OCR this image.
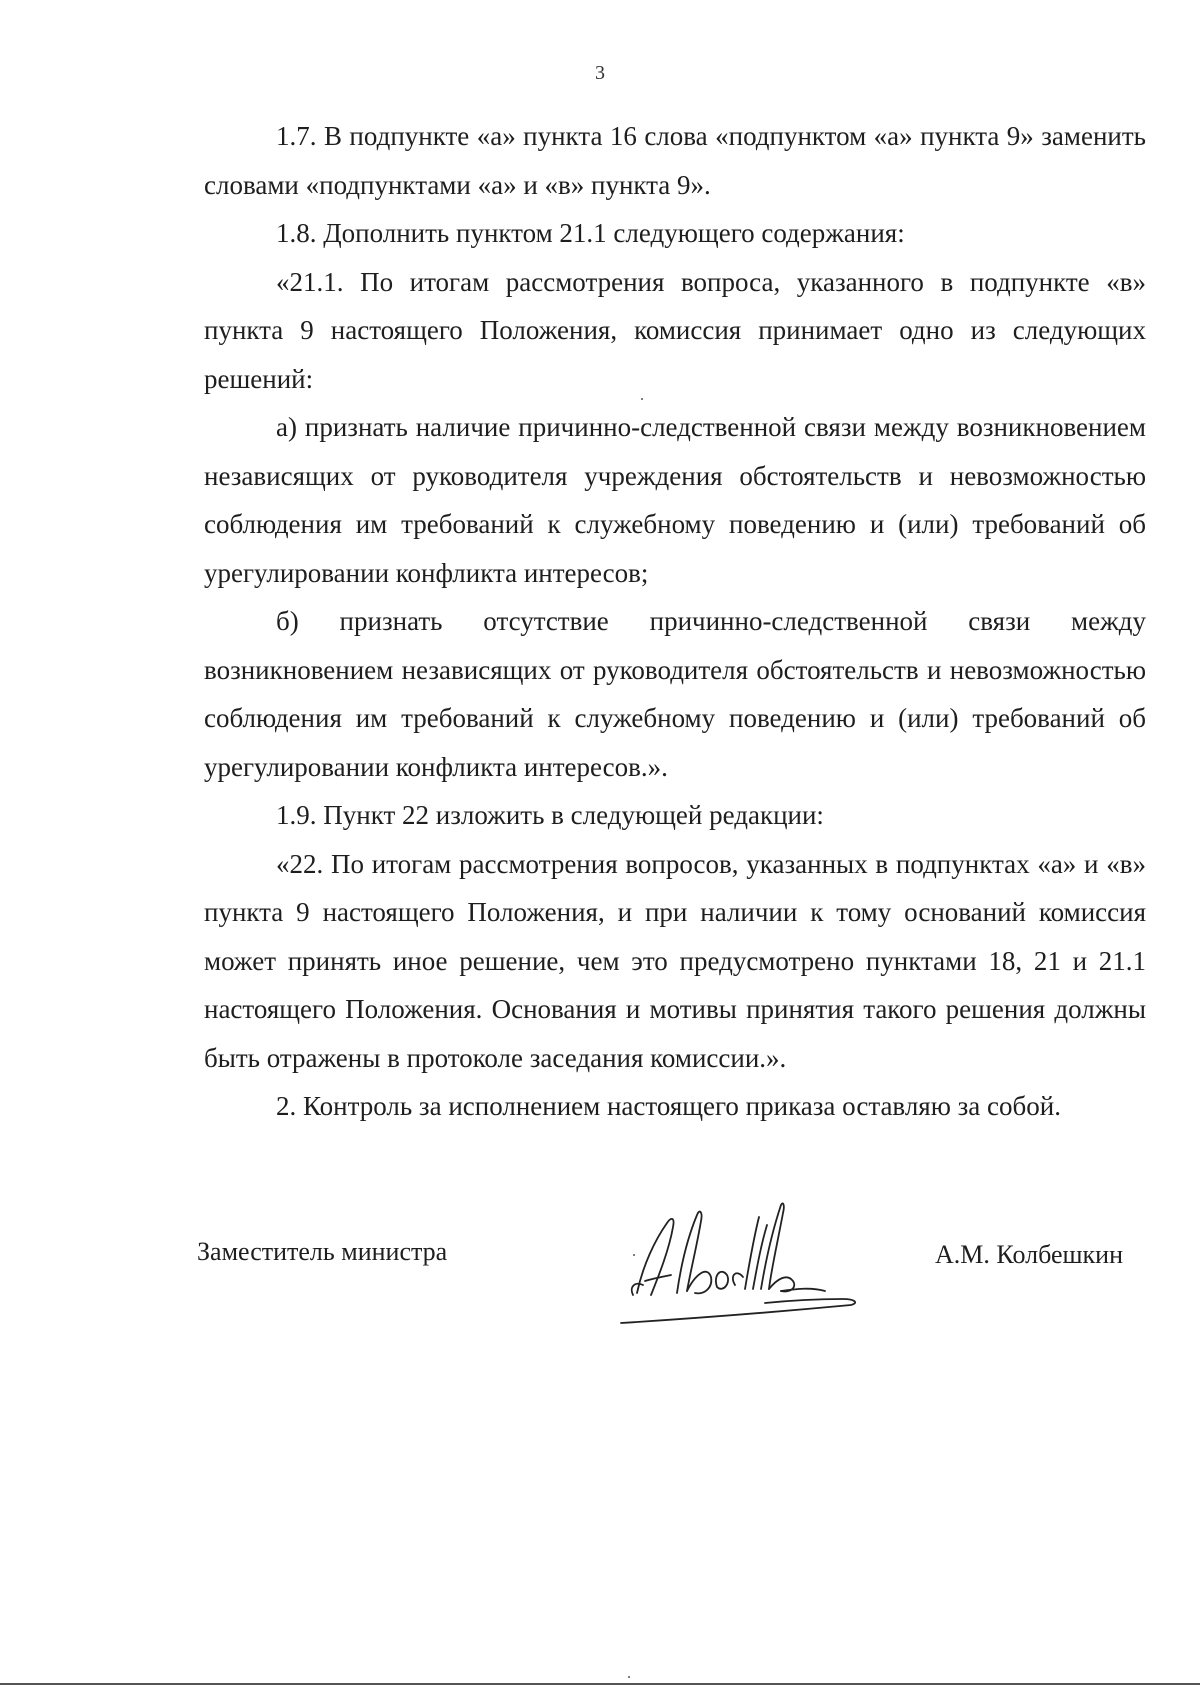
3

1.7. В подпункте «а» пункта 16 слова «подпунктом «а» пункта 9» заменить словами «подпунктами «а» и «в» пункта 9».

1.8. Дополнить пунктом 21.1 следующего содержания:

«21.1. По итогам рассмотрения вопроса, указанного в подпункте «в» пункта 9 настоящего Положения, комиссия принимает одно из следующих решений:

а) признать наличие причинно-следственной связи между возникновением независящих от руководителя учреждения обстоятельств и невозможностью соблюдения им требований к служебному поведению и (или) требований об урегулировании конфликта интересов;

б) признать отсутствие причинно-следственной связи между возникновением независящих от руководителя обстоятельств и невозможностью соблюдения им требований к служебному поведению и (или) требований об урегулировании конфликта интересов.».

1.9. Пункт 22 изложить в следующей редакции:

«22. По итогам рассмотрения вопросов, указанных в подпунктах «а» и «в» пункта 9 настоящего Положения, и при наличии к тому оснований комиссия может принять иное решение, чем это предусмотрено пунктами 18, 21 и 21.1 настоящего Положения. Основания и мотивы принятия такого решения должны быть отражены в протоколе заседания комиссии.».

2. Контроль за исполнением настоящего приказа оставляю за собой.

Заместитель министра	А.М. Колбешкин
